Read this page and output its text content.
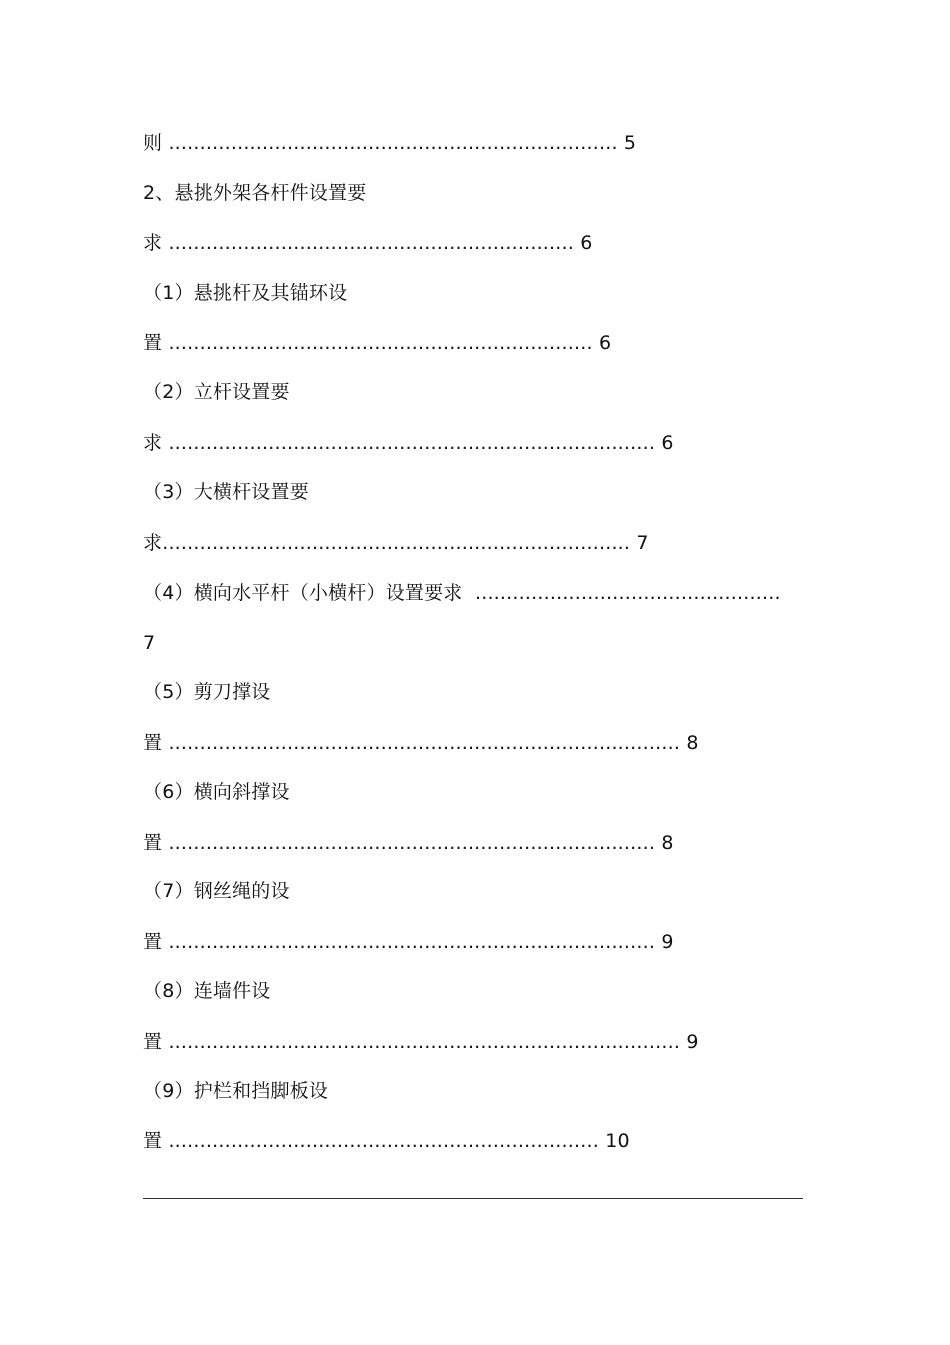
则 ........................................................................ 5
2、悬挑外架各杆件设置要
求 ................................................................. 6
（1）悬挑杆及其锚环设
置 .................................................................... 6
（2）立杆设置要
求 .............................................................................. 6
（3）大横杆设置要
求........................................................................... 7
（4）横向水平杆（小横杆）设置要求  .................................................
7
（5）剪刀撑设
置 .................................................................................. 8
（6）横向斜撑设
置 .............................................................................. 8
（7）钢丝绳的设
置 .............................................................................. 9
（8）连墙件设
置 .................................................................................. 9
（9）护栏和挡脚板设
置 ..................................................................... 10
